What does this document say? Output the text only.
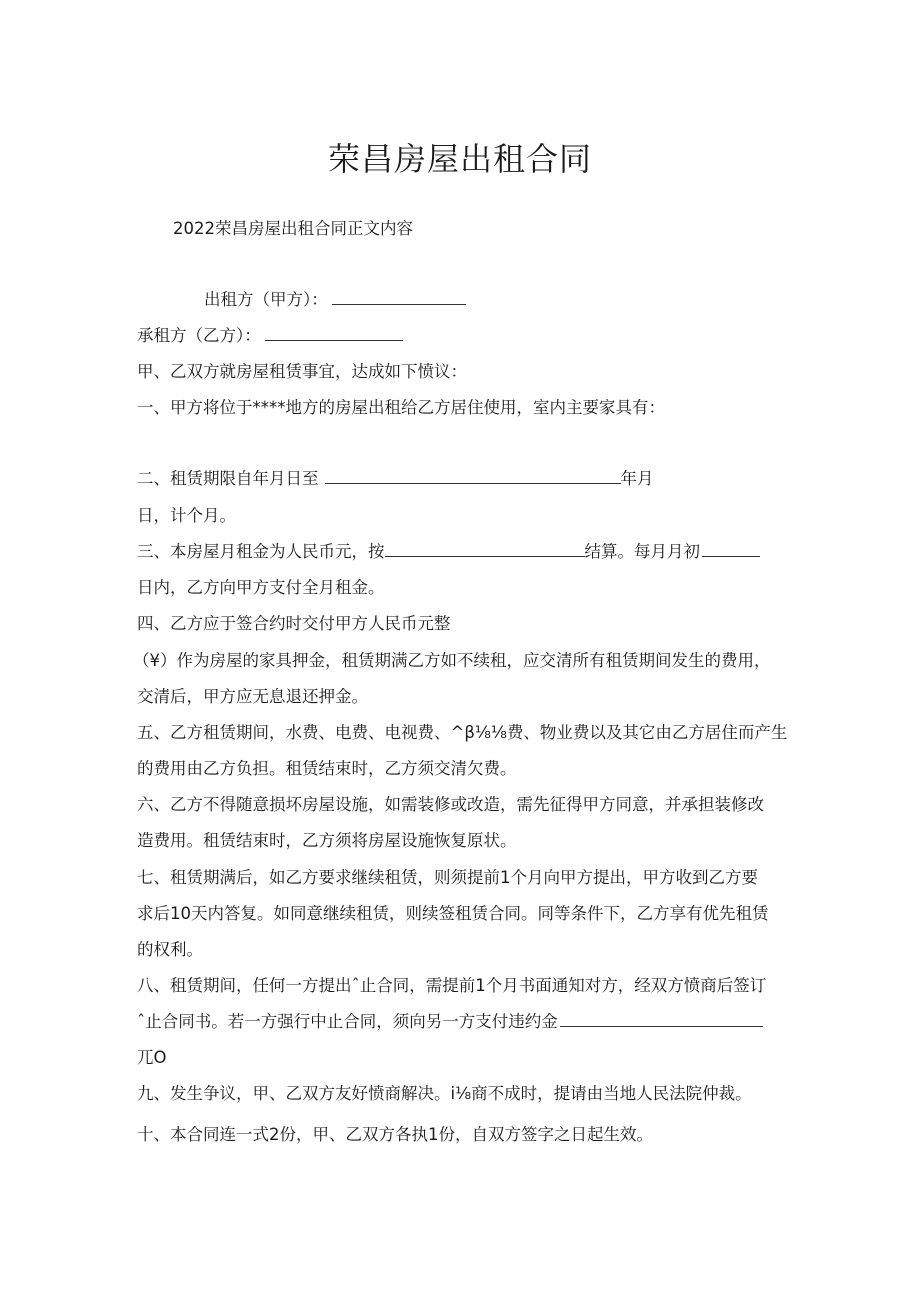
荣昌房屋出租合同
2022荣昌房屋出租合同正文内容
出租方（甲方）：
承租方（乙方）：
甲、乙双方就房屋租赁事宜，达成如下愤议：
一、甲方将位于****地方的房屋出租给乙方居住使用，室内主要家具有：
二、租赁期限自年月日至	年月
日，计个月。
三、本房屋月租金为人民币元，按	结算。每月月初
日内，乙方向甲方支付全月租金。
四、乙方应于签合约时交付甲方人民币元整
（¥）作为房屋的家具押金，租赁期满乙方如不续租，应交清所有租赁期间发生的费用，
交清后，甲方应无息退还押金。
五、乙方租赁期间，水费、电费、电视费、^β⅛⅛费、物业费以及其它由乙方居住而产生
的费用由乙方负担。租赁结束时，乙方须交清欠费。
六、乙方不得随意损坏房屋设施，如需装修或改造，需先征得甲方同意，并承担装修改
造费用。租赁结束时，乙方须将房屋设施恢复原状。
七、租赁期满后，如乙方要求继续租赁，则须提前1个月向甲方提出，甲方收到乙方要
求后10天内答复。如同意继续租赁，则续签租赁合同。同等条件下，乙方享有优先租赁
的权利。
八、租赁期间，任何一方提出ˆ止合同，需提前1个月书面通知对方，经双方愤商后签订
ˆ止合同书。若一方强行中止合同，须向另一方支付违约金
兀O
九、发生争议，甲、乙双方友好愤商解决。i⅛商不成时，提请由当地人民法院仲裁。
十、本合同连一式2份，甲、乙双方各执1份，自双方签字之日起生效。
